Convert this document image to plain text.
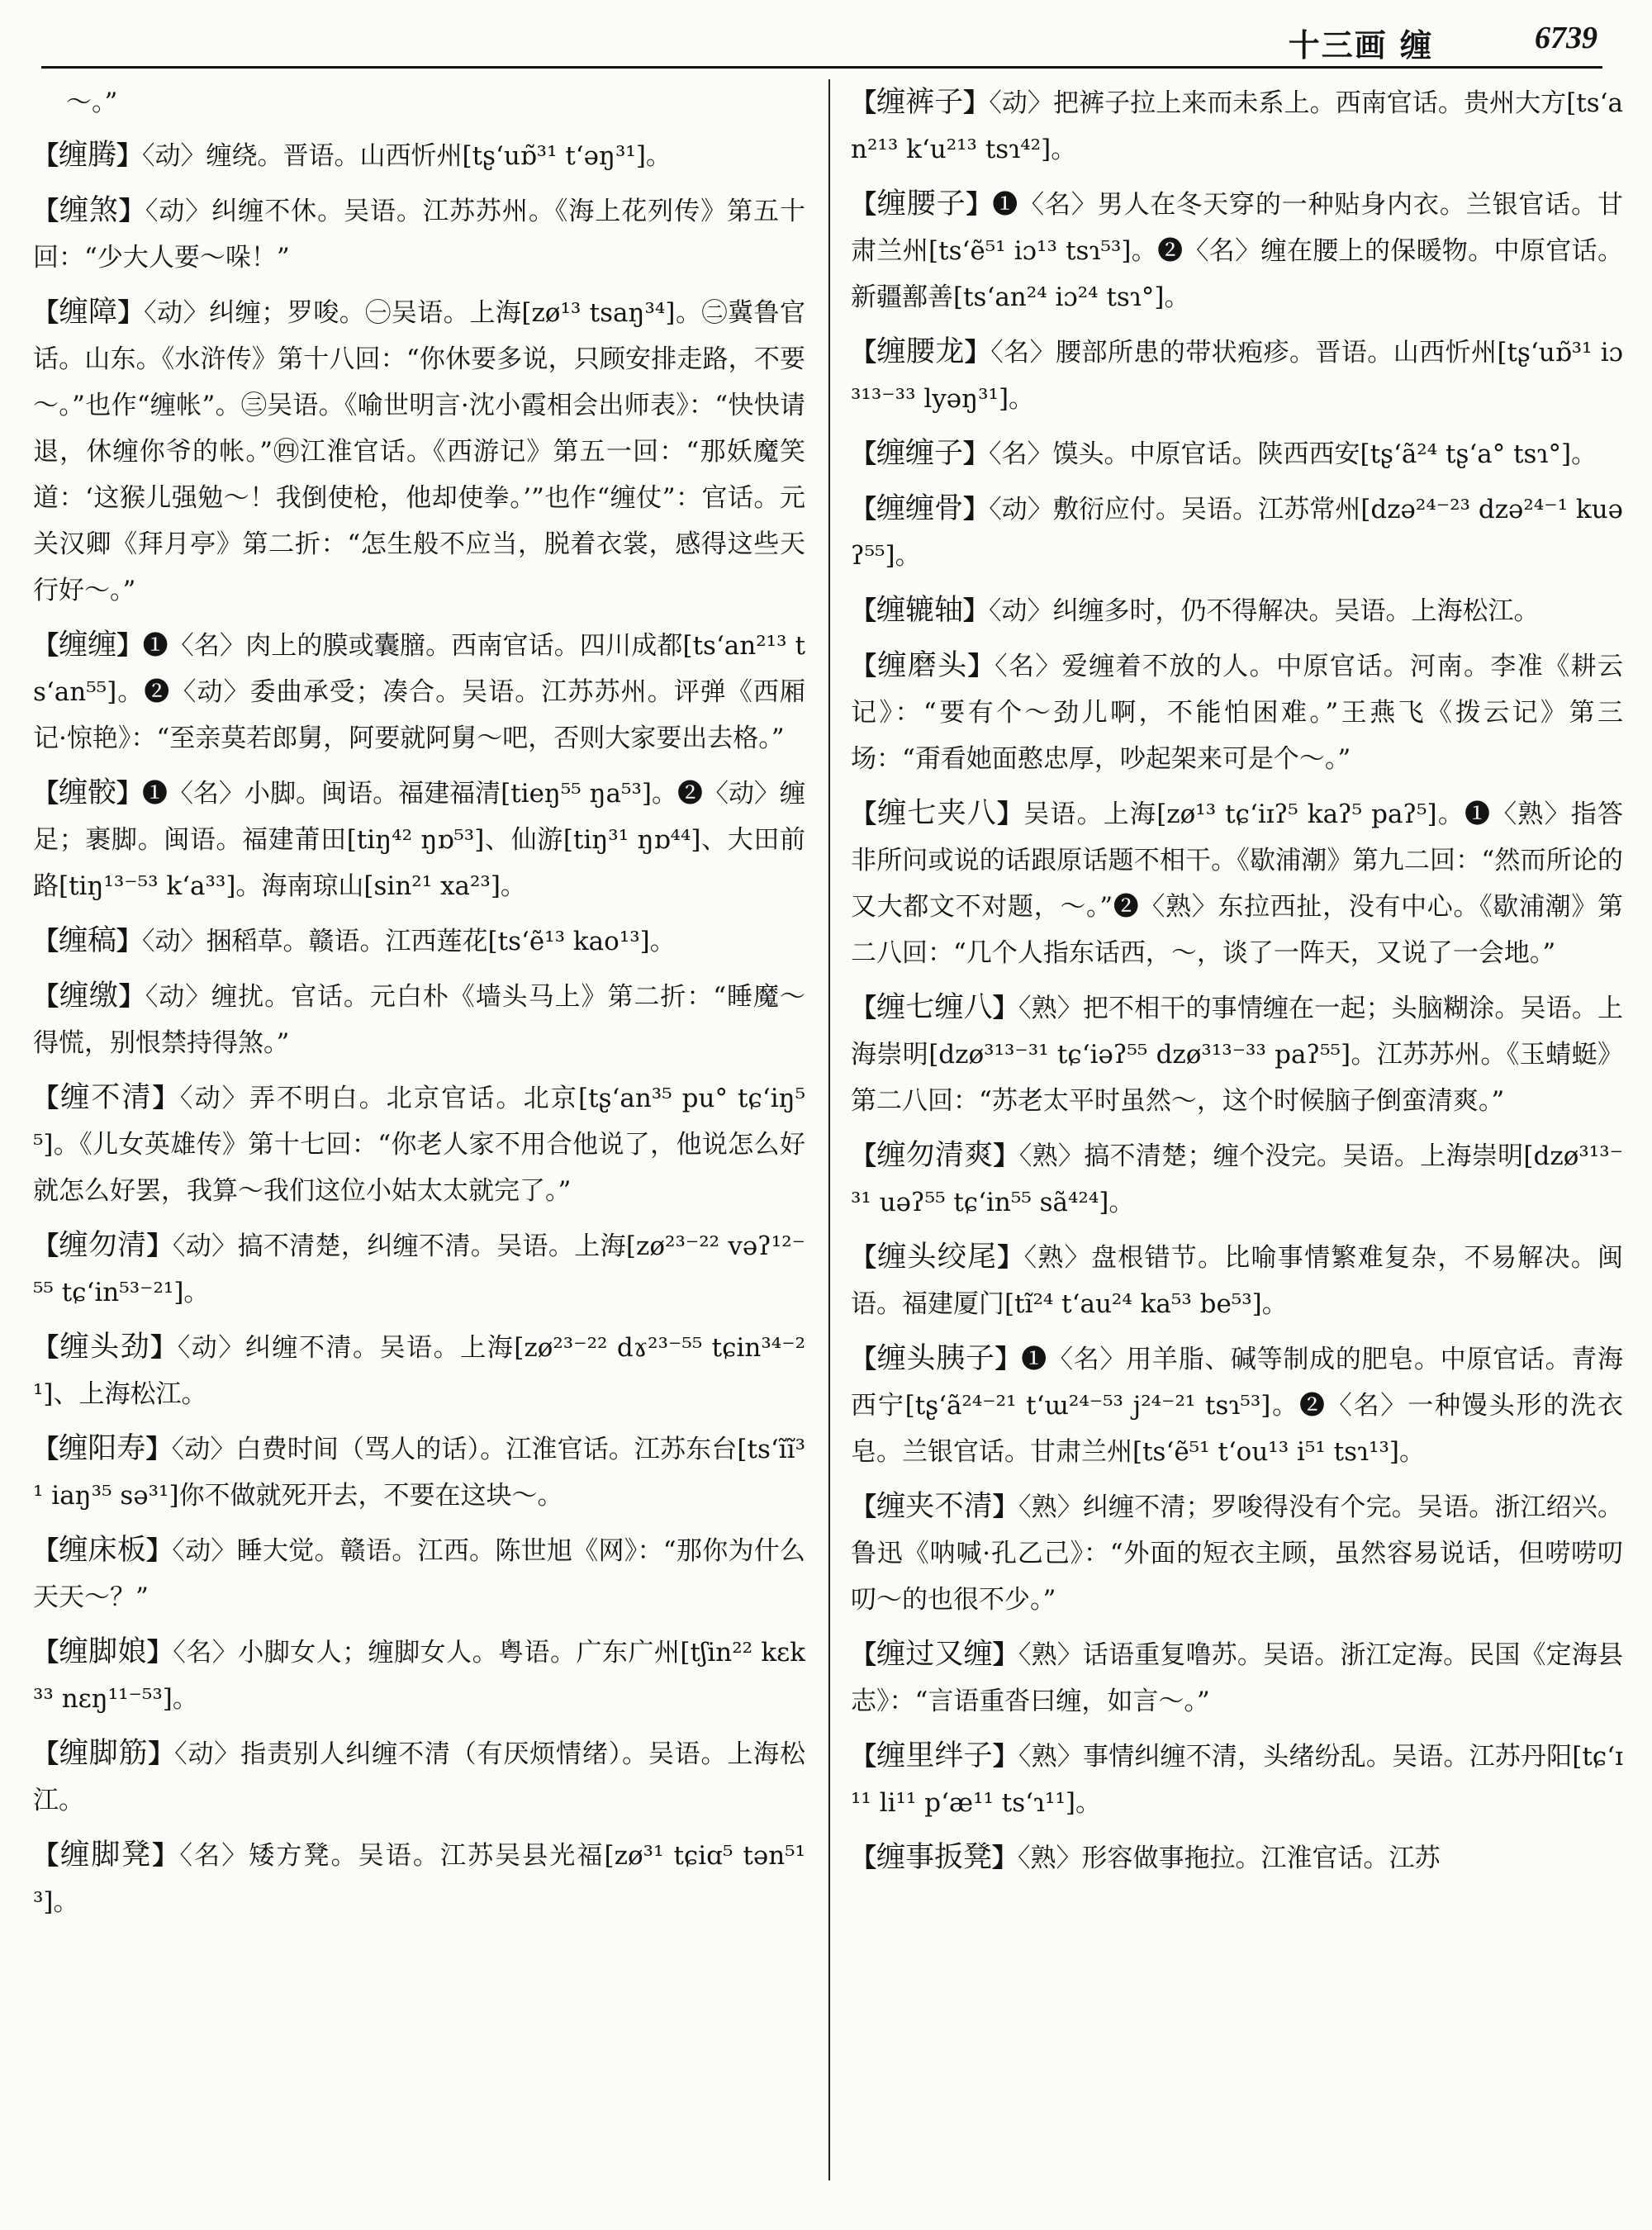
十三画 缠	6739
～。”
【缠腾】〈动〉缠绕。晋语。山西忻州[tʂ‘uɒ̃³¹ t‘əŋ³¹]。
【缠煞】〈动〉纠缠不休。吴语。江苏苏州。《海上花列传》第五十回：“少大人要～哚！”
【缠障】〈动〉纠缠；罗唆。㊀吴语。上海[zø¹³ tsaŋ³⁴]。㊁冀鲁官话。山东。《水浒传》第十八回：“你休要多说，只顾安排走路，不要～。”也作“缠帐”。㊂吴语。《喻世明言·沈小霞相会出师表》：“快快请退，休缠你爷的帐。”㊃江淮官话。《西游记》第五一回：“那妖魔笑道：‘这猴儿强勉～！我倒使枪，他却使拳。’”也作“缠仗”：官话。元关汉卿《拜月亭》第二折：“怎生般不应当，脱着衣裳，感得这些天行好～。”
【缠缠】❶〈名〉肉上的膜或囊膪。西南官话。四川成都[ts‘an²¹³ ts‘an⁵⁵]。❷〈动〉委曲承受；凑合。吴语。江苏苏州。评弹《西厢记·惊艳》：“至亲莫若郎舅，阿要就阿舅～吧，否则大家要出去格。”
【缠骹】❶〈名〉小脚。闽语。福建福清[tieŋ⁵⁵ ŋa⁵³]。❷〈动〉缠足；裹脚。闽语。福建莆田[tiŋ⁴² ŋɒ⁵³]、仙游[tiŋ³¹ ŋɒ⁴⁴]、大田前路[tiŋ¹³⁻⁵³ k‘a³³]。海南琼山[sin²¹ xa²³]。
【缠稿】〈动〉捆稻草。赣语。江西莲花[ts‘ẽ¹³ kao¹³]。
【缠缴】〈动〉缠扰。官话。元白朴《墙头马上》第二折：“睡魔～得慌，别恨禁持得煞。”
【缠不清】〈动〉弄不明白。北京官话。北京[tʂ‘an³⁵ pu° tɕ‘iŋ⁵⁵]。《儿女英雄传》第十七回：“你老人家不用合他说了，他说怎么好就怎么好罢，我算～我们这位小姑太太就完了。”
【缠勿清】〈动〉搞不清楚，纠缠不清。吴语。上海[zø²³⁻²² vəʔ¹²⁻⁵⁵ tɕ‘in⁵³⁻²¹]。
【缠头劲】〈动〉纠缠不清。吴语。上海[zø²³⁻²² dɤ²³⁻⁵⁵ tɕin³⁴⁻²¹]、上海松江。
【缠阳寿】〈动〉白费时间（骂人的话）。江淮官话。江苏东台[ts‘ĩĩ³¹ iaŋ³⁵ sə³¹]你不做就死开去，不要在这块～。
【缠床板】〈动〉睡大觉。赣语。江西。陈世旭《网》：“那你为什么天天～？”
【缠脚娘】〈名〉小脚女人；缠脚女人。粤语。广东广州[tʃin²² kɛk³³ nɛŋ¹¹⁻⁵³]。
【缠脚筋】〈动〉指责别人纠缠不清（有厌烦情绪）。吴语。上海松江。
【缠脚凳】〈名〉矮方凳。吴语。江苏吴县光福[zø³¹ tɕiɑ⁵ tən⁵¹³]。
【缠裤子】〈动〉把裤子拉上来而未系上。西南官话。贵州大方[ts‘an²¹³ k‘u²¹³ tsɿ⁴²]。
【缠腰子】❶〈名〉男人在冬天穿的一种贴身内衣。兰银官话。甘肃兰州[ts‘ẽ⁵¹ iɔ¹³ tsɿ⁵³]。❷〈名〉缠在腰上的保暖物。中原官话。新疆鄯善[ts‘an²⁴ iɔ²⁴ tsɿ°]。
【缠腰龙】〈名〉腰部所患的带状疱疹。晋语。山西忻州[tʂ‘uɒ̃³¹ iɔ³¹³⁻³³ lyəŋ³¹]。
【缠缠子】〈名〉馍头。中原官话。陕西西安[tʂ‘ã²⁴ tʂ‘a° tsɿ°]。
【缠缠骨】〈动〉敷衍应付。吴语。江苏常州[dzə²⁴⁻²³ dzə²⁴⁻¹ kuəʔ⁵⁵]。
【缠辘轴】〈动〉纠缠多时，仍不得解决。吴语。上海松江。
【缠磨头】〈名〉爱缠着不放的人。中原官话。河南。李准《耕云记》：“要有个～劲儿啊，不能怕困难。”王燕飞《拨云记》第三场：“甭看她面憨忠厚，吵起架来可是个～。”
【缠七夹八】吴语。上海[zø¹³ tɕ‘iɪʔ⁵ kaʔ⁵ paʔ⁵]。❶〈熟〉指答非所问或说的话跟原话题不相干。《歇浦潮》第九二回：“然而所论的又大都文不对题，～。”❷〈熟〉东拉西扯，没有中心。《歇浦潮》第二八回：“几个人指东话西，～，谈了一阵天，又说了一会地。”
【缠七缠八】〈熟〉把不相干的事情缠在一起；头脑糊涂。吴语。上海崇明[dzø³¹³⁻³¹ tɕ‘iəʔ⁵⁵ dzø³¹³⁻³³ paʔ⁵⁵]。江苏苏州。《玉蜻蜓》第二八回：“苏老太平时虽然～，这个时候脑子倒蛮清爽。”
【缠勿清爽】〈熟〉搞不清楚；缠个没完。吴语。上海崇明[dzø³¹³⁻³¹ uəʔ⁵⁵ tɕ‘in⁵⁵ sã⁴²⁴]。
【缠头绞尾】〈熟〉盘根错节。比喻事情繁难复杂，不易解决。闽语。福建厦门[tĩ²⁴ t‘au²⁴ ka⁵³ be⁵³]。
【缠头胰子】❶〈名〉用羊脂、碱等制成的肥皂。中原官话。青海西宁[tʂ‘ã²⁴⁻²¹ t‘ɯ²⁴⁻⁵³ j²⁴⁻²¹ tsɿ⁵³]。❷〈名〉一种馒头形的洗衣皂。兰银官话。甘肃兰州[ts‘ẽ⁵¹ t‘ou¹³ i⁵¹ tsɿ¹³]。
【缠夹不清】〈熟〉纠缠不清；罗唆得没有个完。吴语。浙江绍兴。鲁迅《呐喊·孔乙己》：“外面的短衣主顾，虽然容易说话，但唠唠叨叨～的也很不少。”
【缠过又缠】〈熟〉话语重复噜苏。吴语。浙江定海。民国《定海县志》：“言语重沓曰缠，如言～。”
【缠里绊子】〈熟〉事情纠缠不清，头绪纷乱。吴语。江苏丹阳[tɕ‘ɪ¹¹ li¹¹ p‘æ¹¹ ts‘ɿ¹¹]。
【缠事扳凳】〈熟〉形容做事拖拉。江淮官话。江苏
